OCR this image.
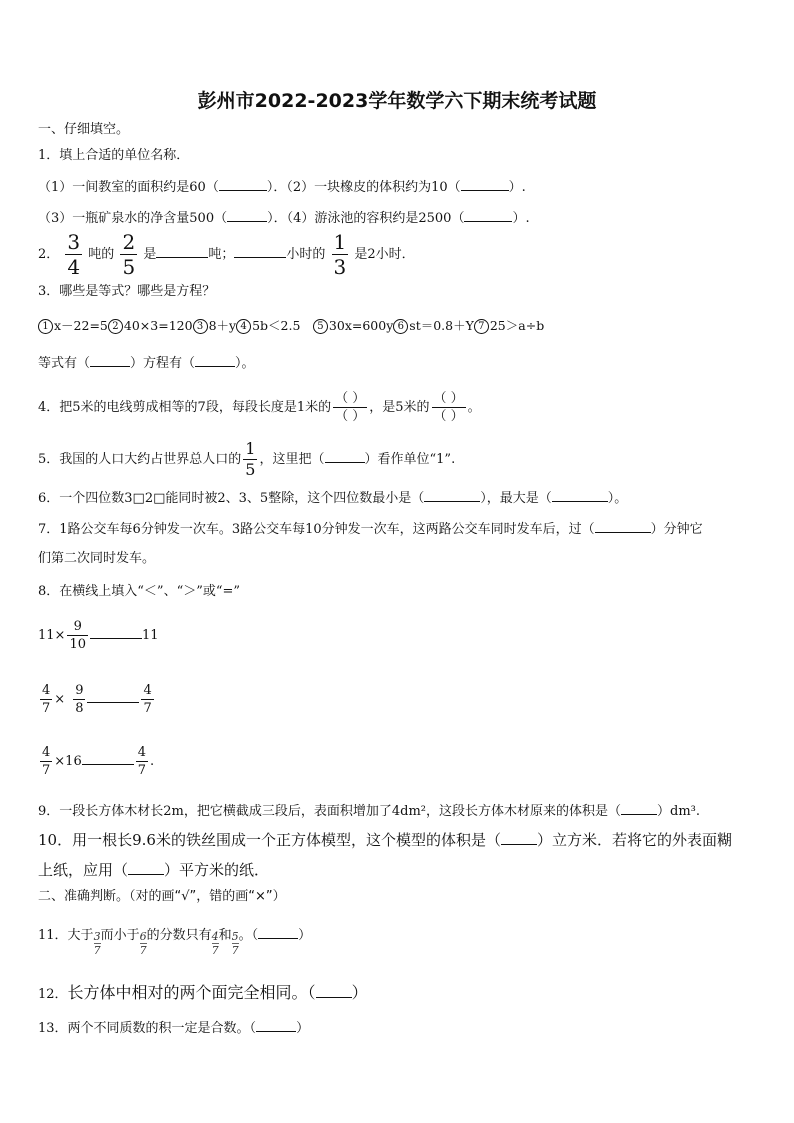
彭州市2022-2023学年数学六下期末统考试题
一、仔细填空。
1．填上合适的单位名称．
（1）一间教室的面积约是60（	）．（2）一块橡皮的体积约为10（	）.
（3）一瓶矿泉水的净含量500（	）．（4）游泳池的容积约是2500（	）.
2． $\frac{3}{4}$ 吨的 $\frac{2}{5}$ 是	吨；	小时的 $\frac{1}{3}$ 是2小时．
3．哪些是等式？哪些是方程？
1 x－22=5 2 40×3=120 3 8＋y 4 5b＜2.5　5 30x=600y 6 st＝0.8＋Y 7 25＞a÷b
等式有（	）方程有（	）。
4．把5米的电线剪成相等的7段，每段长度是1米的 $\frac{( )}{( )}$ ，是5米的 $\frac{( )}{( )}$ 。
5．我国的人口大约占世界总人口的 $\frac{1}{5}$ ，这里把（	）看作单位“1”.
6．一个四位数3□2□能同时被2、3、5整除，这个四位数最小是（	），最大是（	）。
7．1路公交车每6分钟发一次车。3路公交车每10分钟发一次车，这两路公交车同时发车后，过（	）分钟它
们第二次同时发车。
8．在横线上填入“＜”、“＞”或“=”
$11\times \frac{9}{10}$	11
$\frac{4}{7} \times \frac{9}{8}$	$\frac{4}{7}$
$\frac{4}{7} \times 16$	$\frac{4}{7}$ .
9．一段长方体木材长2m，把它横截成三段后，表面积增加了4dm²，这段长方体木材原来的体积是（	）dm³.
10．用一根长9.6米的铁丝围成一个正方体模型，这个模型的体积是（ ）立方米．若将它的外表面糊
上纸，应用（ ）平方米的纸．
二、准确判断。（对的画“√”，错的画“×”）
11．大于 $\frac{3}{7}$ 而小于 $\frac{6}{7}$ 的分数只有 $\frac{4}{7}$ 和 $\frac{5}{7}$ 。（	）
12．长方体中相对的两个面完全相同。（ ）
13．两个不同质数的积一定是合数。（	）
